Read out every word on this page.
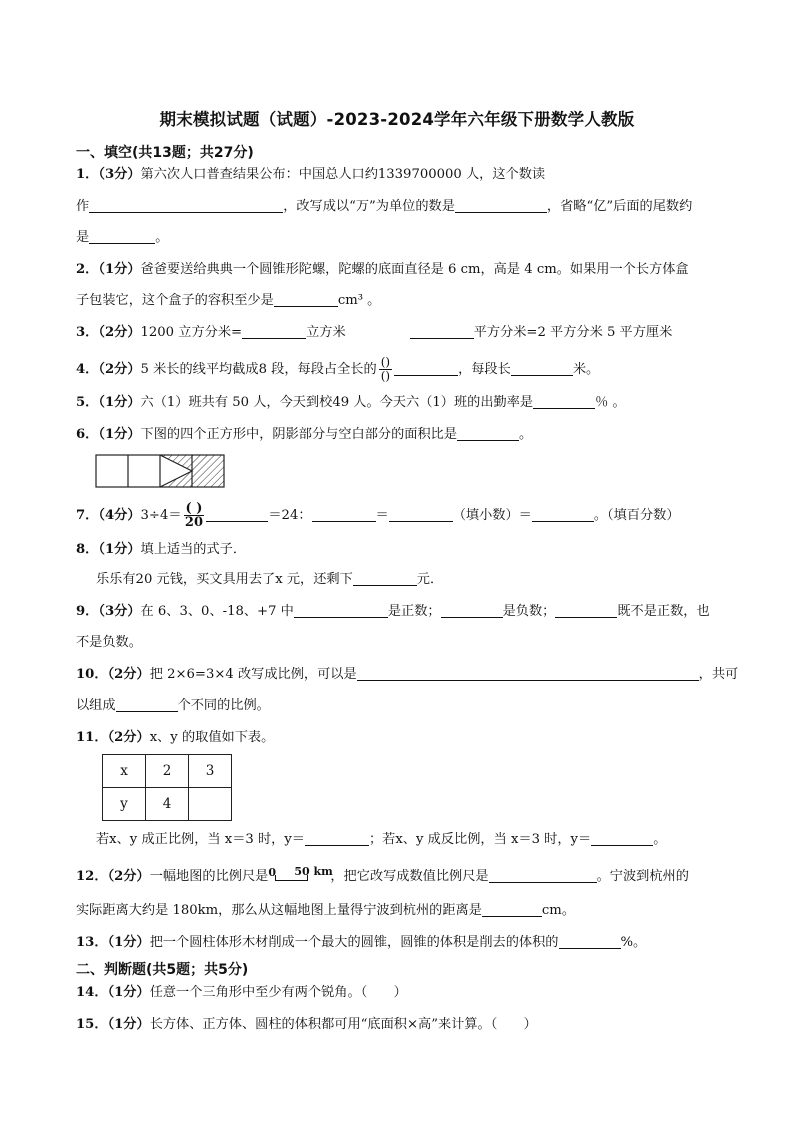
期末模拟试题（试题）-2023-2024学年六年级下册数学人教版
一、填空(共13题；共27分)
1．（3分）第六次人口普查结果公布：中国总人口约1339700000 人，这个数读
作	，改写成以“万”为单位的数是	，省略“亿”后面的尾数约
是	。
2．（1分）爸爸要送给典典一个圆锥形陀螺，陀螺的底面直径是 6 cm，高是 4 cm。如果用一个长方体盒
子包装它，这个盒子的容积至少是	cm³ 。
3．（2分）1200 立方分米=	立方米	平方分米=2 平方分米 5 平方厘米
4．（2分）5 米长的线平均截成8 段，每段占全长的 $\frac{()}{()}$	，每段长	米。
5．（1分）六（1）班共有 50 人，今天到校49 人。今天六（1）班的出勤率是	％ 。
6．（1分）下图的四个正方形中，阴影部分与空白部分的面积比是	。
7．（4分）$3\div 4= \frac{( )}{20}$	＝24：	＝	（填小数）＝	。（填百分数）
8．（1分）填上适当的式子．
乐乐有20 元钱，买文具用去了x 元，还剩下	元．
9．（3分）在 6、3、0、-18、+7 中	是正数；	是负数；	既不是正数，也
不是负数。
10．（2分）把 2×6=3×4 改写成比例，可以是	，共可
以组成	个不同的比例。
11．（2分）x、y 的取值如下表。
x	2	3
y	4	
若x、y 成正比例，当 x＝3 时，y＝	；若x、y 成反比例，当 x＝3 时，y＝	。
12．（2分）一幅地图的比例尺是 0 50 km
，把它改写成数值比例尺是	。宁波到杭州的
实际距离大约是 180km，那么从这幅地图上量得宁波到杭州的距离是	cm。
13．（1分）把一个圆柱体形木材削成一个最大的圆锥，圆锥的体积是削去的体积的	%。
二、判断题(共5题；共5分)
14．（1分）任意一个三角形中至少有两个锐角。（　　）
15．（1分）长方体、正方体、圆柱的体积都可用“底面积×高”来计算。（　　）
